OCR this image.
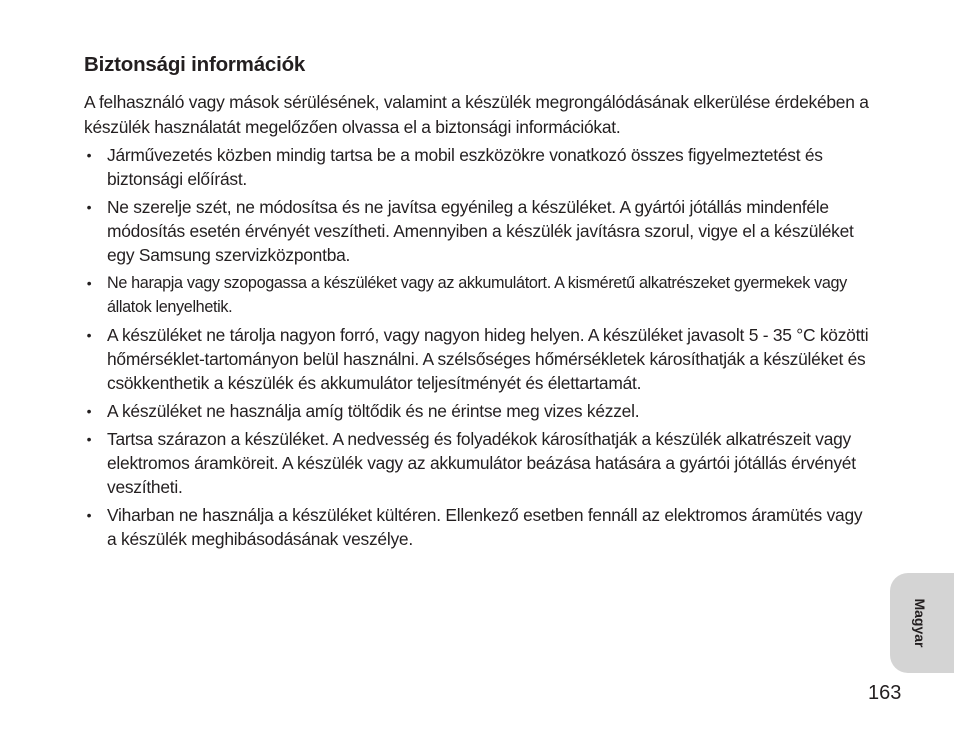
Biztonsági információk

A felhasználó vagy mások sérülésének, valamint a készülék megrongálódásának elkerülése érdekében a készülék használatát megelőzően olvassa el a biztonsági információkat.

• Járművezetés közben mindig tartsa be a mobil eszközökre vonatkozó összes figyelmeztetést és biztonsági előírást.
• Ne szerelje szét, ne módosítsa és ne javítsa egyénileg a készüléket. A gyártói jótállás mindenféle módosítás esetén érvényét veszítheti. Amennyiben a készülék javításra szorul, vigye el a készüléket egy Samsung szervizközpontba.
• Ne harapja vagy szopogassa a készüléket vagy az akkumulátort. A kisméretű alkatrészeket gyermekek vagy állatok lenyelhetik.
• A készüléket ne tárolja nagyon forró, vagy nagyon hideg helyen. A készüléket javasolt 5 - 35 °C közötti hőmérséklet-tartományon belül használni. A szélsőséges hőmérsékletek károsíthatják a készüléket és csökkenthetik a készülék és akkumulátor teljesítményét és élettartamát.
• A készüléket ne használja amíg töltődik és ne érintse meg vizes kézzel.
• Tartsa szárazon a készüléket. A nedvesség és folyadékok károsíthatják a készülék alkatrészeit vagy elektromos áramköreit. A készülék vagy az akkumulátor beázása hatására a gyártói jótállás érvényét veszítheti.
• Viharban ne használja a készüléket kültéren. Ellenkező esetben fennáll az elektromos áramütés vagy a készülék meghibásodásának veszélye.
Magyar
163
